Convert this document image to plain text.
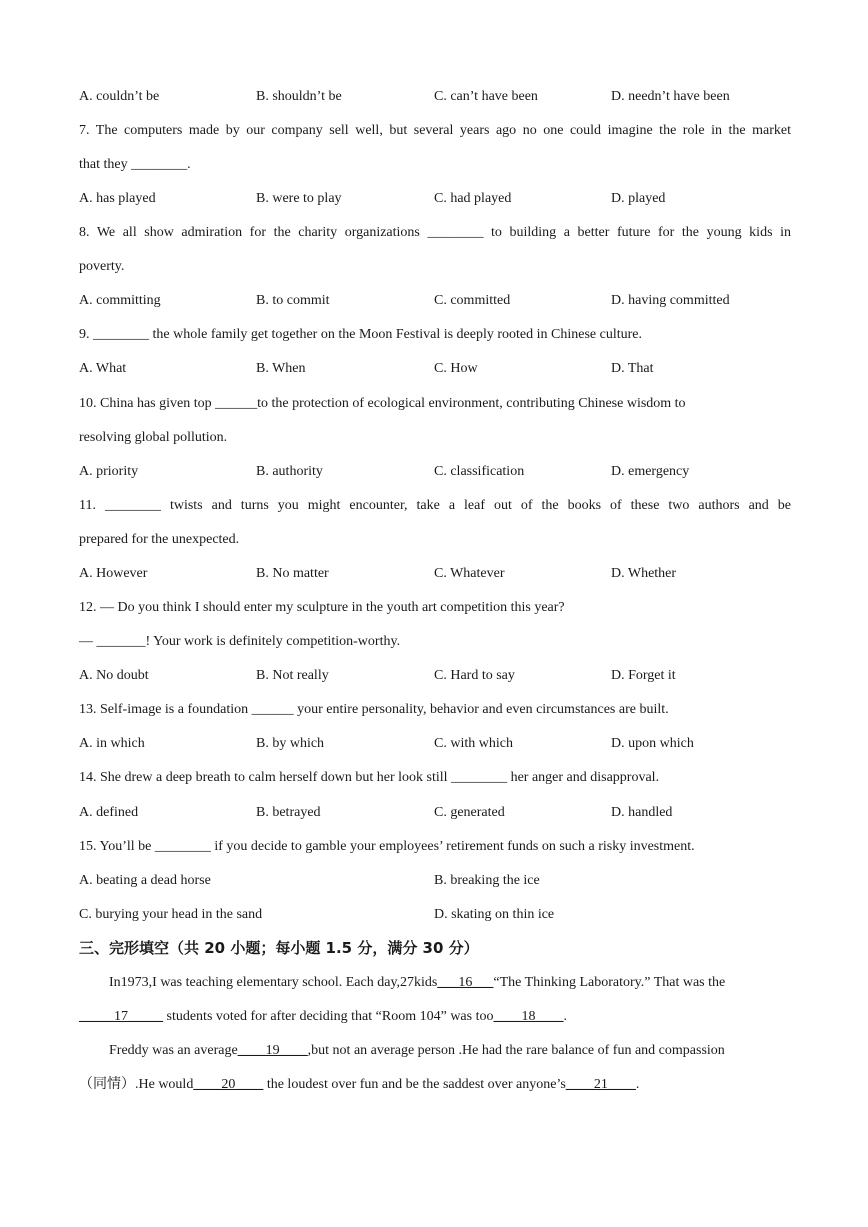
A. couldn’t be	B. shouldn’t be	C. can’t have been	D. needn’t have been
7. The computers made by our company sell well, but several years ago no one could imagine the role in the market
that they ________.
A. has played	B. were to play	C. had played	D. played
8. We all show admiration for the charity organizations ________ to building a better future for the young kids in
poverty.
A. committing	B. to commit	C. committed	D. having committed
9. ________ the whole family get together on the Moon Festival is deeply rooted in Chinese culture.
A. What	B. When	C. How	D. That
10. China has given top ______to the protection of ecological environment, contributing Chinese wisdom to
resolving global pollution.
A. priority	B. authority	C. classification	D. emergency
11. ________ twists and turns you might encounter, take a leaf out of the books of these two authors and be
prepared for the unexpected.
A. However	B. No matter	C. Whatever	D. Whether
12. — Do you think I should enter my sculpture in the youth art competition this year?
— _______! Your work is definitely competition-worthy.
A. No doubt	B. Not really	C. Hard to say	D. Forget it
13. Self-image is a foundation ______ your entire personality, behavior and even circumstances are built.
A. in which	B. by which	C. with which	D. upon which
14. She drew a deep breath to calm herself down but her look still ________ her anger and disapproval.
A. defined	B. betrayed	C. generated	D. handled
15. You’ll be ________ if you decide to gamble your employees’ retirement funds on such a risky investment.
A. beating a dead horse	B. breaking the ice
C. burying your head in the sand	D. skating on thin ice
三、完形填空（共 20 小题；每小题 1.5 分，满分 30 分）
In1973,I was teaching elementary school. Each day,27kids___16___“The Thinking Laboratory.” That was the
_____17_____ students voted for after deciding that “Room 104” was too____18____.
Freddy was an average____19____,but not an average person .He had the rare balance of fun and compassion
（同情）.He would____20____ the loudest over fun and be the saddest over anyone’s____21____.
